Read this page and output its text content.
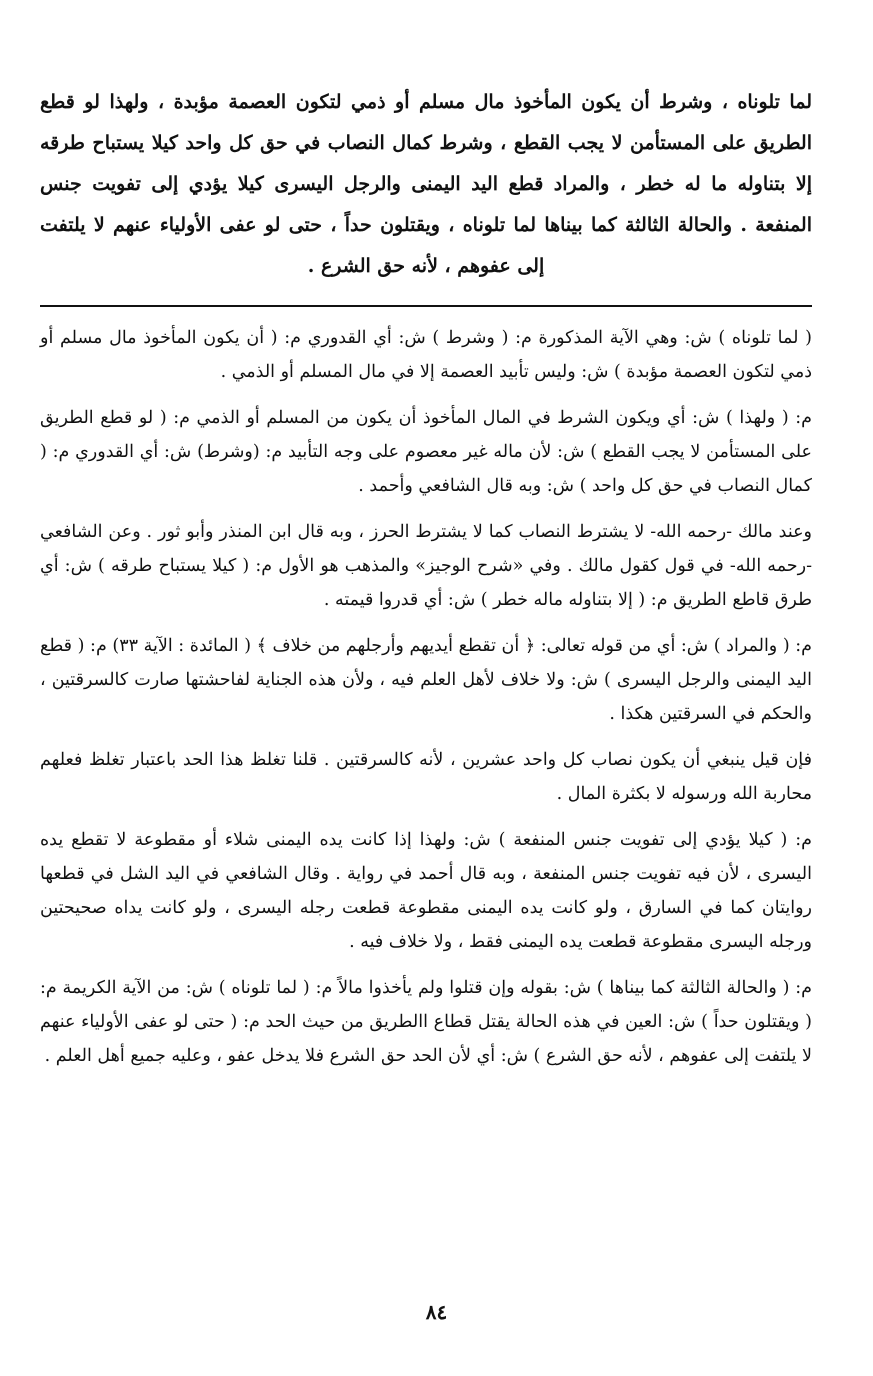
لما تلوناه ، وشرط أن يكون المأخوذ مال مسلم أو ذمي لتكون العصمة مؤبدة ، ولهذا لو قطع الطريق على المستأمن لا يجب القطع ، وشرط كمال النصاب في حق كل واحد كيلا يستباح طرقه إلا بتناوله ما له خطر ، والمراد قطع اليد اليمنى والرجل اليسرى كيلا يؤدي إلى تفويت جنس المنفعة . والحالة الثالثة كما بيناها لما تلوناه ، ويقتلون حداً ، حتى لو عفى الأولياء عنهم لا يلتفت إلى عفوهم ، لأنه حق الشرع .

( لما تلوناه ) ش: وهي الآية المذكورة م: ( وشرط ) ش: أي القدوري م: ( أن يكون المأخوذ مال مسلم أو ذمي لتكون العصمة مؤبدة ) ش: وليس تأبيد العصمة إلا في مال المسلم أو الذمي .

م: ( ولهذا ) ش: أي ويكون الشرط في المال المأخوذ أن يكون من المسلم أو الذمي م: ( لو قطع الطريق على المستأمن لا يجب القطع ) ش: لأن ماله غير معصوم على وجه التأبيد م: (وشرط) ش: أي القدوري م: ( كمال النصاب في حق كل واحد ) ش: وبه قال الشافعي وأحمد .

وعند مالك -رحمه الله- لا يشترط النصاب كما لا يشترط الحرز ، وبه قال ابن المنذر وأبو ثور . وعن الشافعي -رحمه الله- في قول كقول مالك . وفي «شرح الوجيز» والمذهب هو الأول م: ( كيلا يستباح طرقه ) ش: أي طرق قاطع الطريق م: ( إلا بتناوله ماله خطر ) ش: أي قدروا قيمته .

م: ( والمراد ) ش: أي من قوله تعالى: ﴿ أن تقطع أيديهم وأرجلهم من خلاف ﴾ ( المائدة : الآية ٣٣) م: ( قطع اليد اليمنى والرجل اليسرى ) ش: ولا خلاف لأهل العلم فيه ، ولأن هذه الجناية لفاحشتها صارت كالسرقتين ، والحكم في السرقتين هكذا .

فإن قيل ينبغي أن يكون نصاب كل واحد عشرين ، لأنه كالسرقتين . قلنا تغلظ هذا الحد باعتبار تغلظ فعلهم محاربة الله ورسوله لا بكثرة المال .

م: ( كيلا يؤدي إلى تفويت جنس المنفعة ) ش: ولهذا إذا كانت يده اليمنى شلاء أو مقطوعة لا تقطع يده اليسرى ، لأن فيه تفويت جنس المنفعة ، وبه قال أحمد في رواية . وقال الشافعي في اليد الشل في قطعها روايتان كما في السارق ، ولو كانت يده اليمنى مقطوعة قطعت رجله اليسرى ، ولو كانت يداه صحيحتين ورجله اليسرى مقطوعة قطعت يده اليمنى فقط ، ولا خلاف فيه .

م: ( والحالة الثالثة كما بيناها ) ش: بقوله وإن قتلوا ولم يأخذوا مالاً م: ( لما تلوناه ) ش: من الآية الكريمة م: ( ويقتلون حداً ) ش: العين في هذه الحالة يقتل قطاع االطريق من حيث الحد م: ( حتى لو عفى الأولياء عنهم لا يلتفت إلى عفوهم ، لأنه حق الشرع ) ش: أي لأن الحد حق الشرع فلا يدخل عفو ، وعليه جميع أهل العلم .

٨٤
